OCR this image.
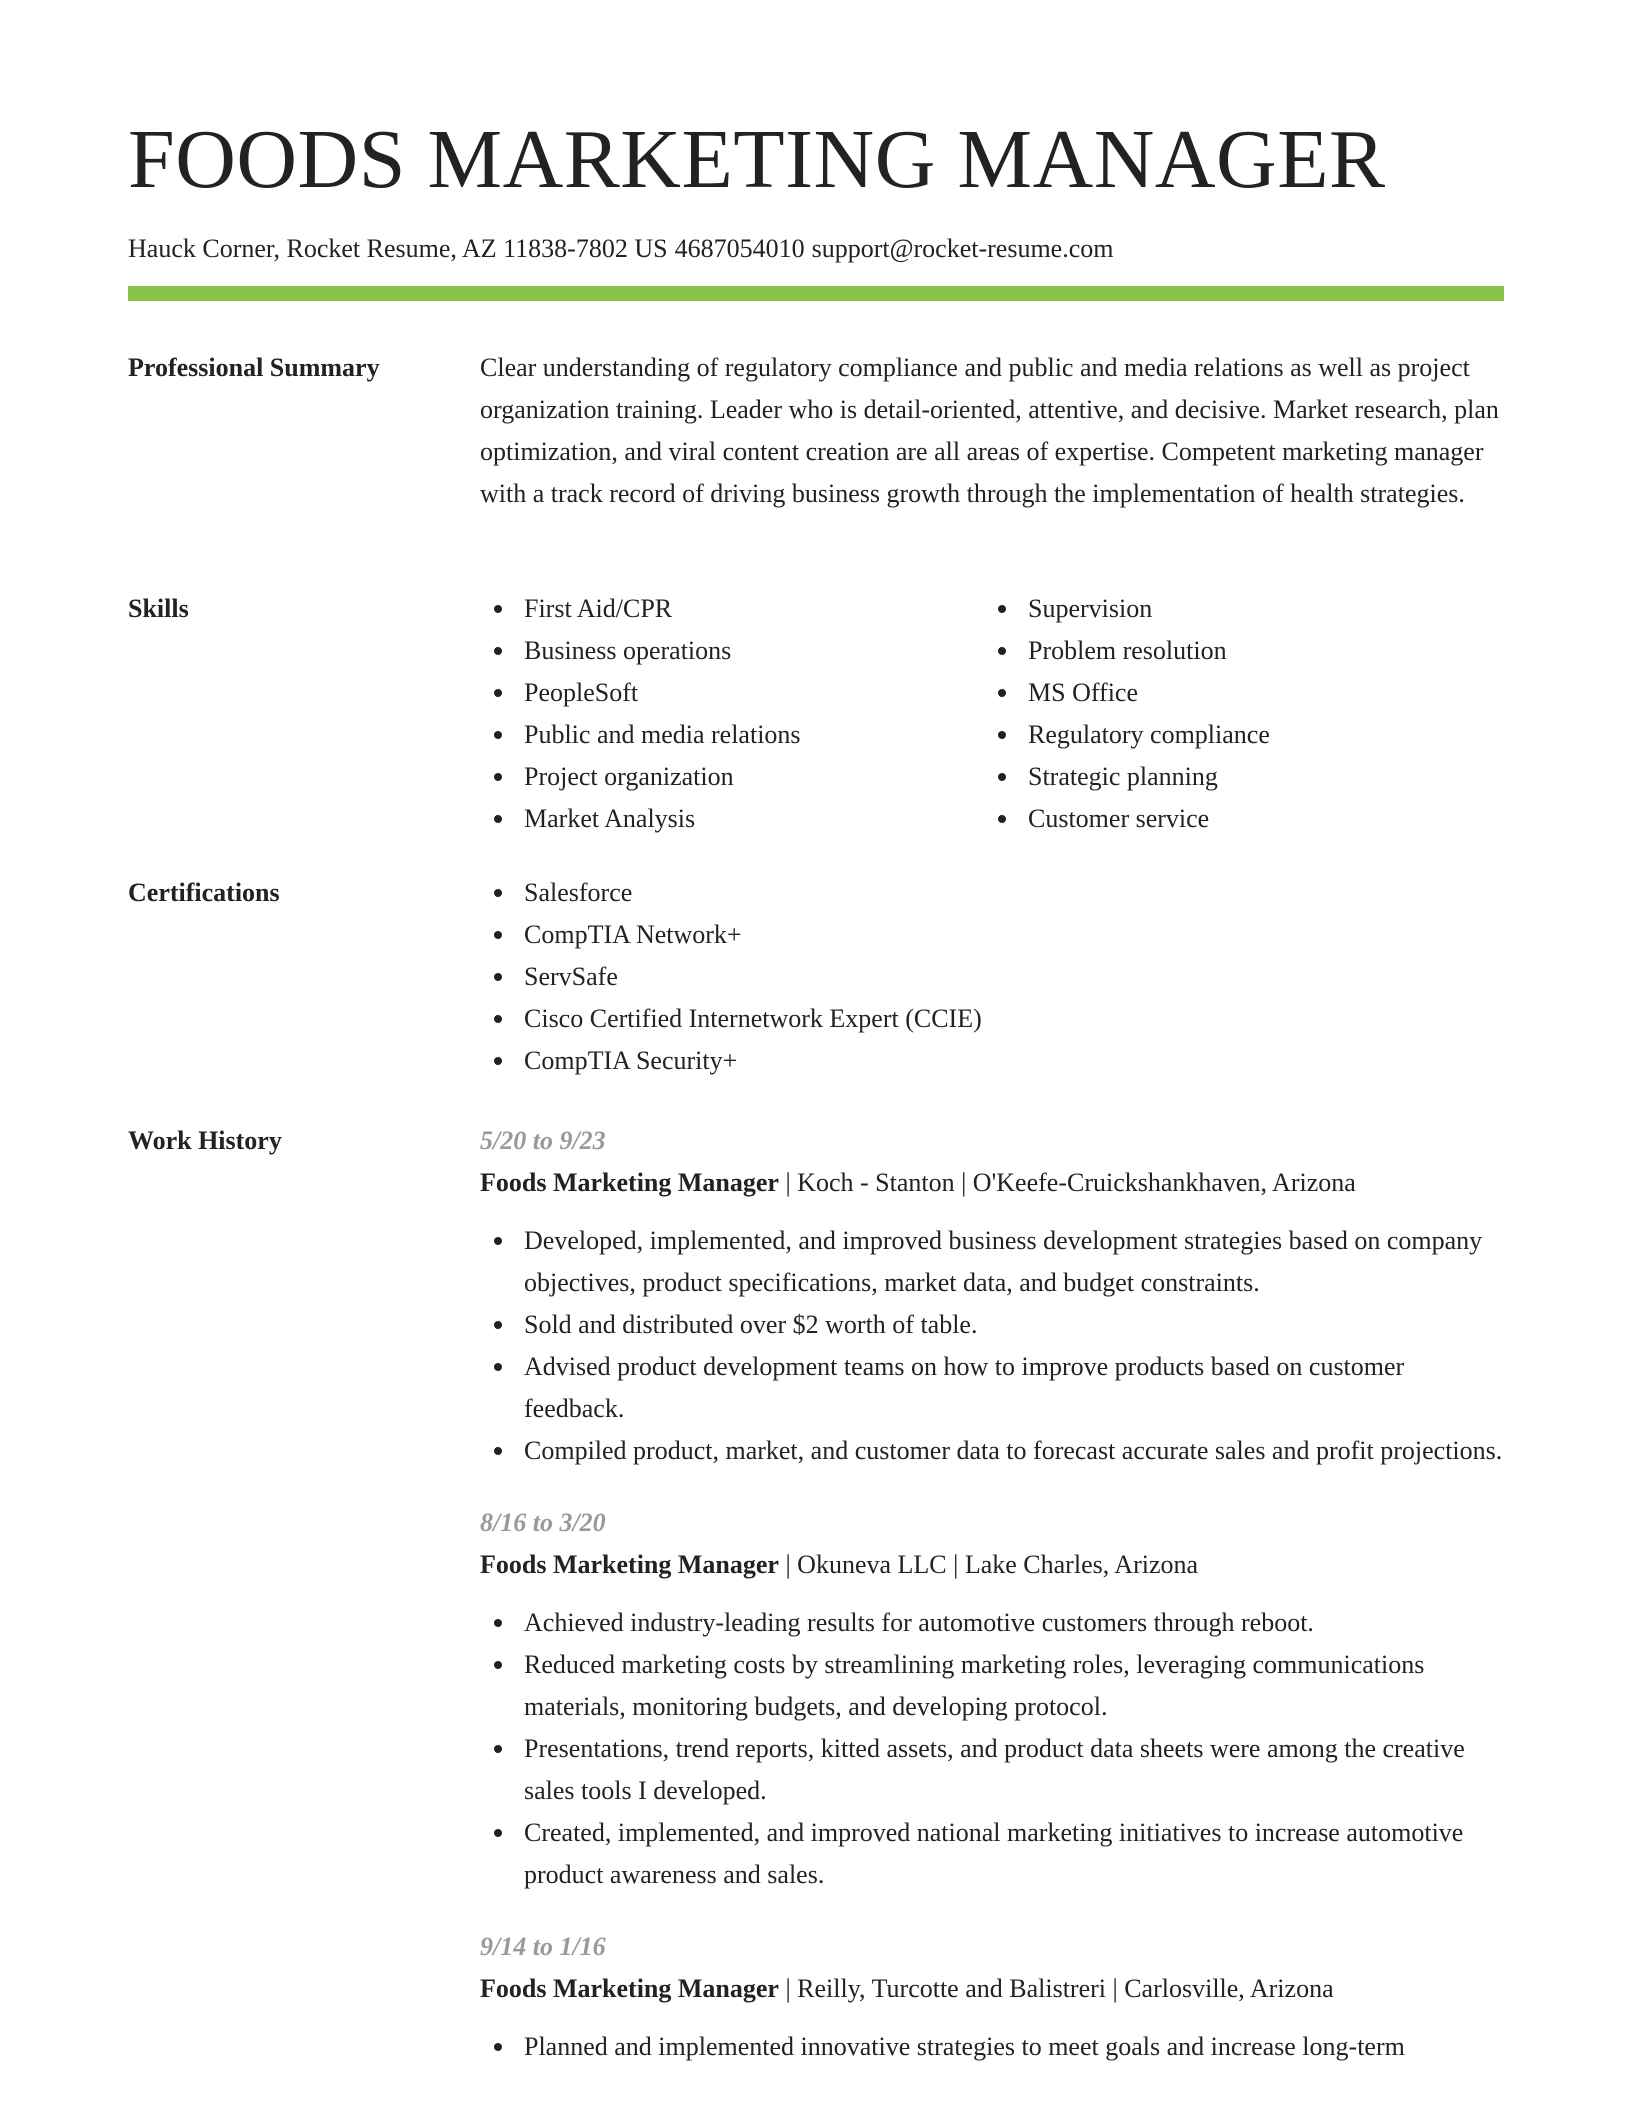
FOODS MARKETING MANAGER
Hauck Corner, Rocket Resume, AZ 11838-7802 US 4687054010 support@rocket-resume.com
Professional Summary	Clear understanding of regulatory compliance and public and media relations as well as project organization training. Leader who is detail-oriented, attentive, and decisive. Market research, plan optimization, and viral content creation are all areas of expertise. Competent marketing manager with a track record of driving business growth through the implementation of health strategies.

Skills	First Aid/CPR
Business operations
PeopleSoft
Public and media relations
Project organization
Market Analysis
Supervision
Problem resolution
MS Office
Regulatory compliance
Strategic planning
Customer service
Certifications	Salesforce
CompTIA Network+
ServSafe
Cisco Certified Internetwork Expert (CCIE)
CompTIA Security+
Work History	5/20 to 9/23
Foods Marketing Manager | Koch - Stanton | O'Keefe-Cruickshankhaven, Arizona
Developed, implemented, and improved business development strategies based on company objectives, product specifications, market data, and budget constraints.
Sold and distributed over $2 worth of table.
Advised product development teams on how to improve products based on customer feedback.
Compiled product, market, and customer data to forecast accurate sales and profit projections.
8/16 to 3/20
Foods Marketing Manager | Okuneva LLC | Lake Charles, Arizona
Achieved industry-leading results for automotive customers through reboot.
Reduced marketing costs by streamlining marketing roles, leveraging communications materials, monitoring budgets, and developing protocol.
Presentations, trend reports, kitted assets, and product data sheets were among the creative sales tools I developed.
Created, implemented, and improved national marketing initiatives to increase automotive product awareness and sales.
9/14 to 1/16
Foods Marketing Manager | Reilly, Turcotte and Balistreri | Carlosville, Arizona
Planned and implemented innovative strategies to meet goals and increase long-term
